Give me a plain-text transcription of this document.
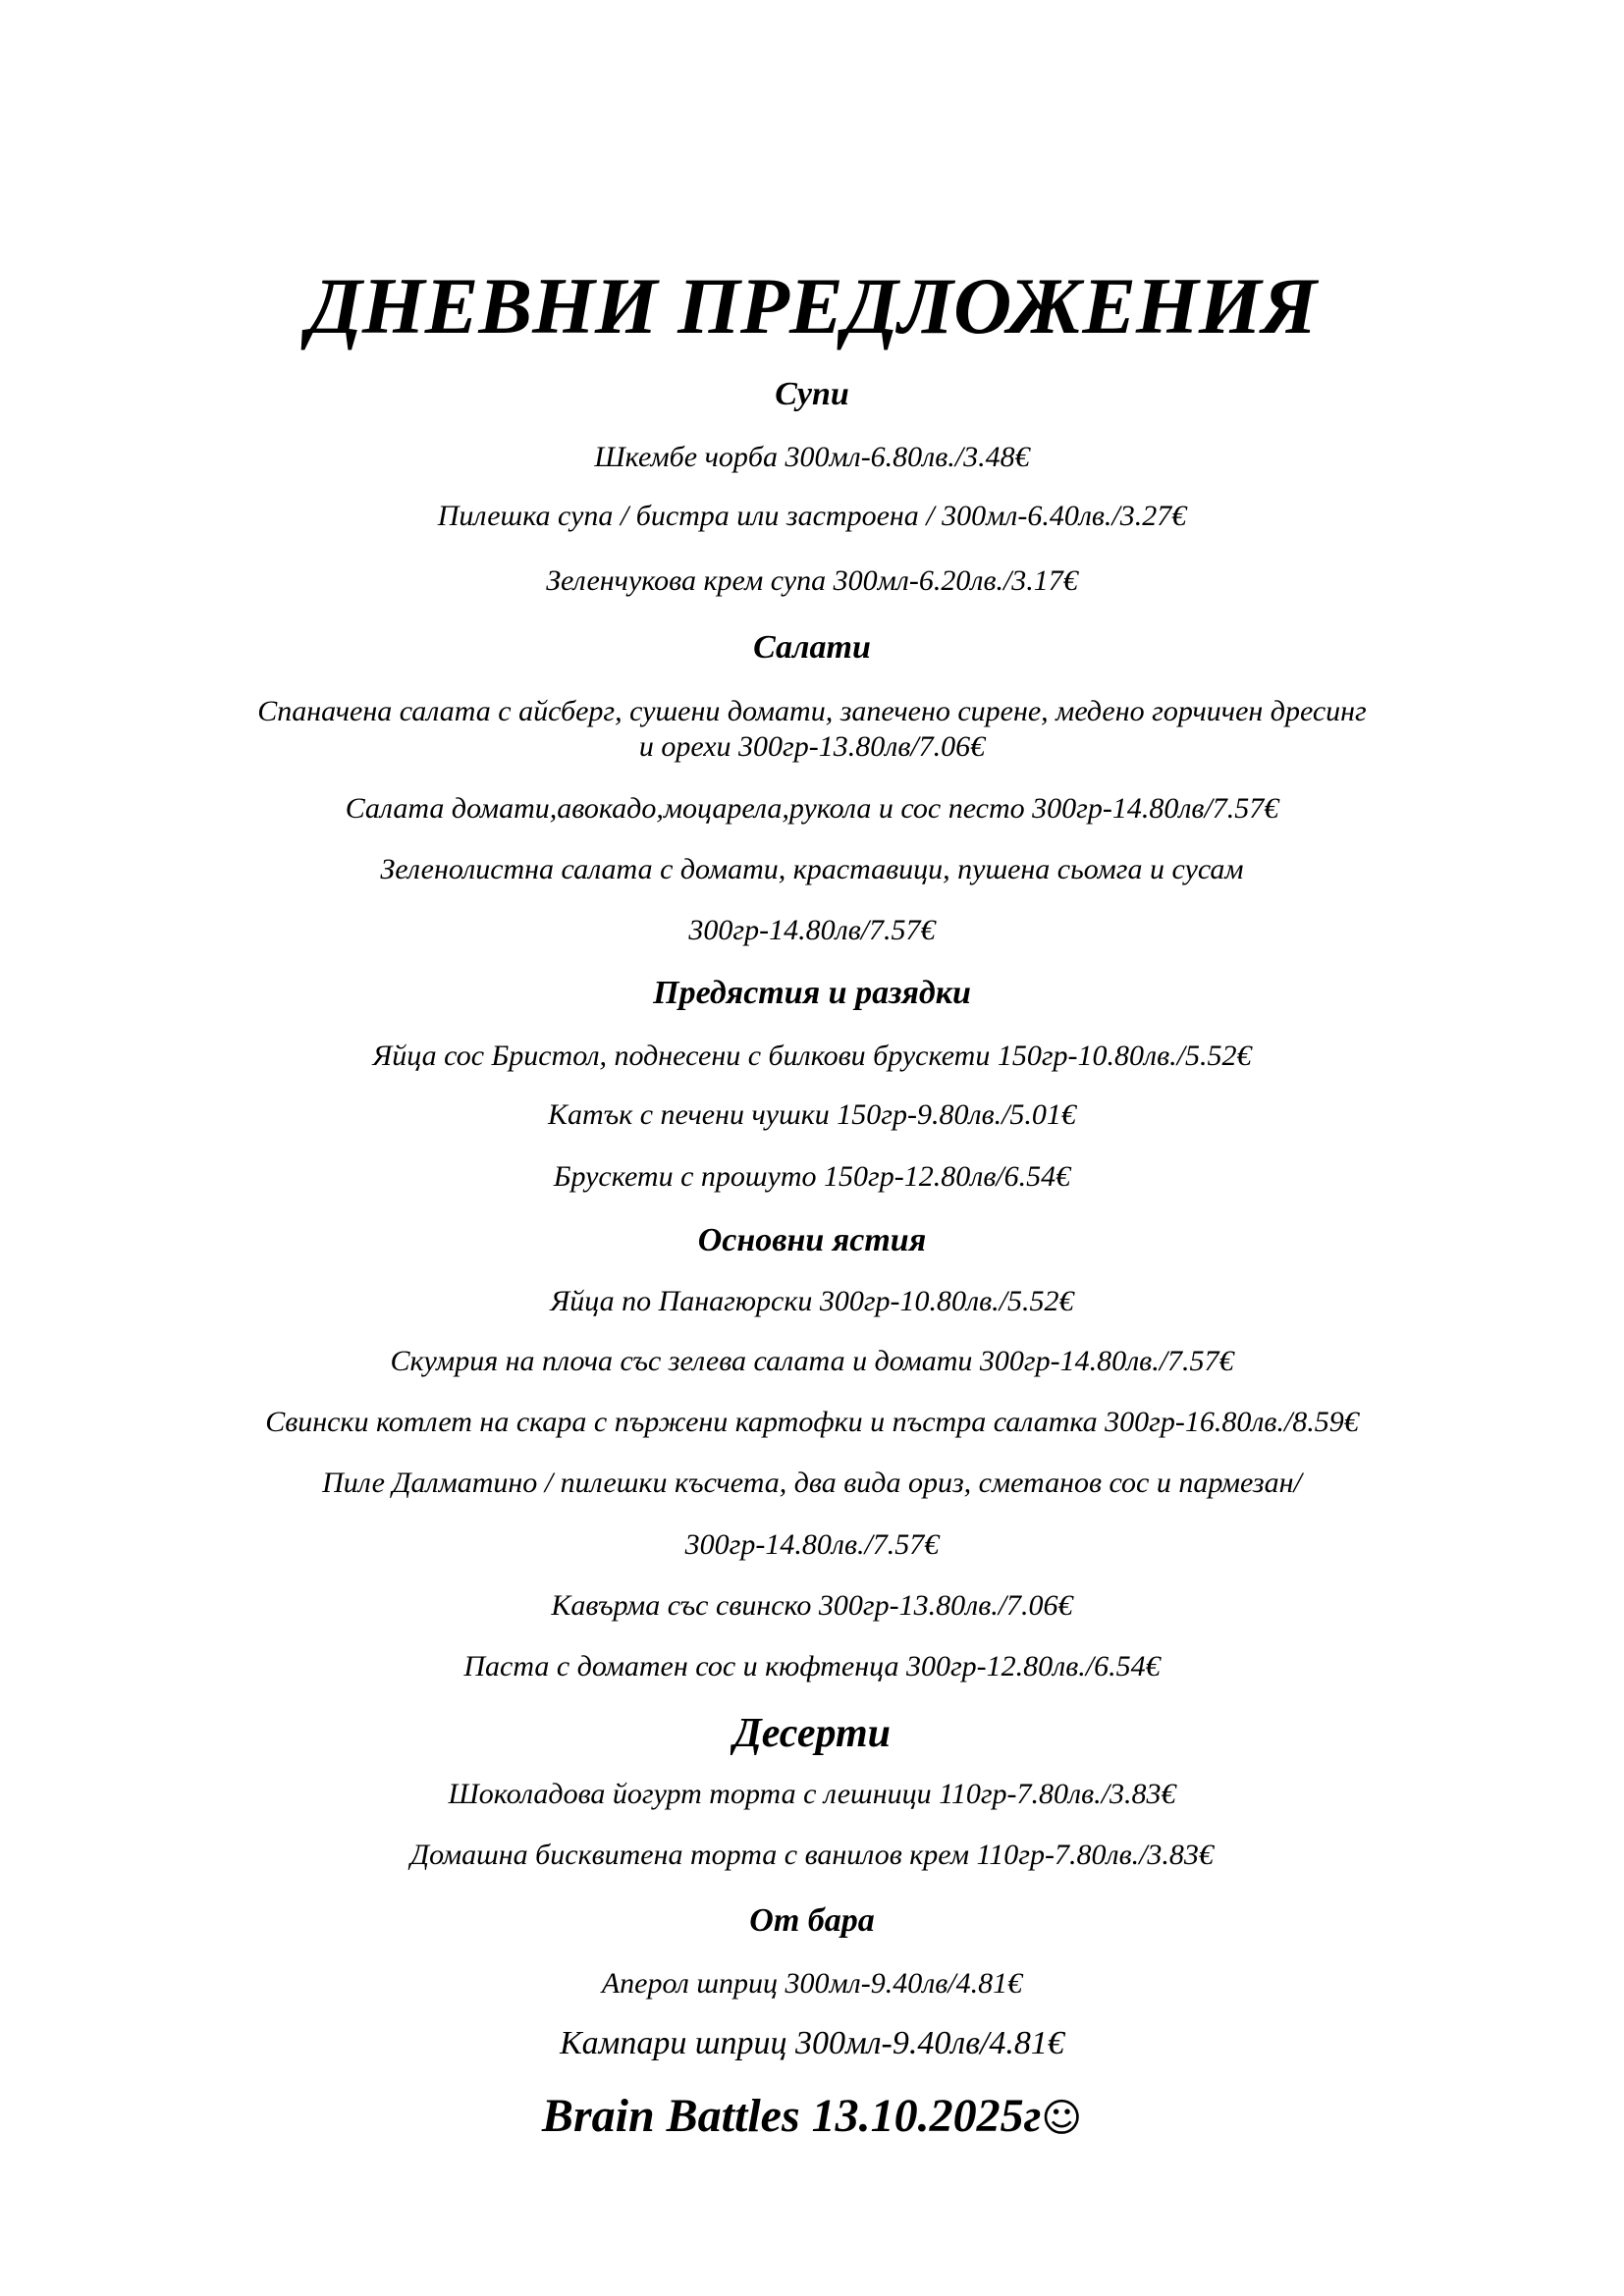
ДНЕВНИ ПРЕДЛОЖЕНИЯ
Супи
Шкембе чорба 300мл-6.80лв./3.48€
Пилешка супа / бистра или застроена / 300мл-6.40лв./3.27€
Зеленчукова крем супа 300мл-6.20лв./3.17€
Салати
Спаначена салата с айсберг, сушени домати, запечено сирене, медено горчичен дресинг
и орехи 300гр-13.80лв/7.06€
Салата домати,авокадо,моцарела,рукола и сос песто 300гр-14.80лв/7.57€
Зеленолистна салата с домати, краставици, пушена сьомга и сусам
300гр-14.80лв/7.57€
Предястия и разядки
Яйца сос Бристол, поднесени с билкови брускети 150гр-10.80лв./5.52€
Катък с печени чушки 150гр-9.80лв./5.01€
Брускети с прошуто 150гр-12.80лв/6.54€
Основни ястия
Яйца по Панагюрски 300гр-10.80лв./5.52€
Скумрия на плоча със зелева салата и домати 300гр-14.80лв./7.57€
Свински котлет на скара с пържени картофки и пъстра салатка 300гр-16.80лв./8.59€
Пиле Далматино / пилешки късчета, два вида ориз, сметанов сос и пармезан/
300гр-14.80лв./7.57€
Кавърма със свинско 300гр-13.80лв./7.06€
Паста с доматен сос и кюфтенца 300гр-12.80лв./6.54€
Десерти
Шоколадова йогурт торта с лешници 110гр-7.80лв./3.83€
Домашна бисквитена торта с ванилов крем 110гр-7.80лв./3.83€
От бара
Аперол шприц 300мл-9.40лв/4.81€
Кампари шприц 300мл-9.40лв/4.81€
Brain Battles 13.10.2025г☺
